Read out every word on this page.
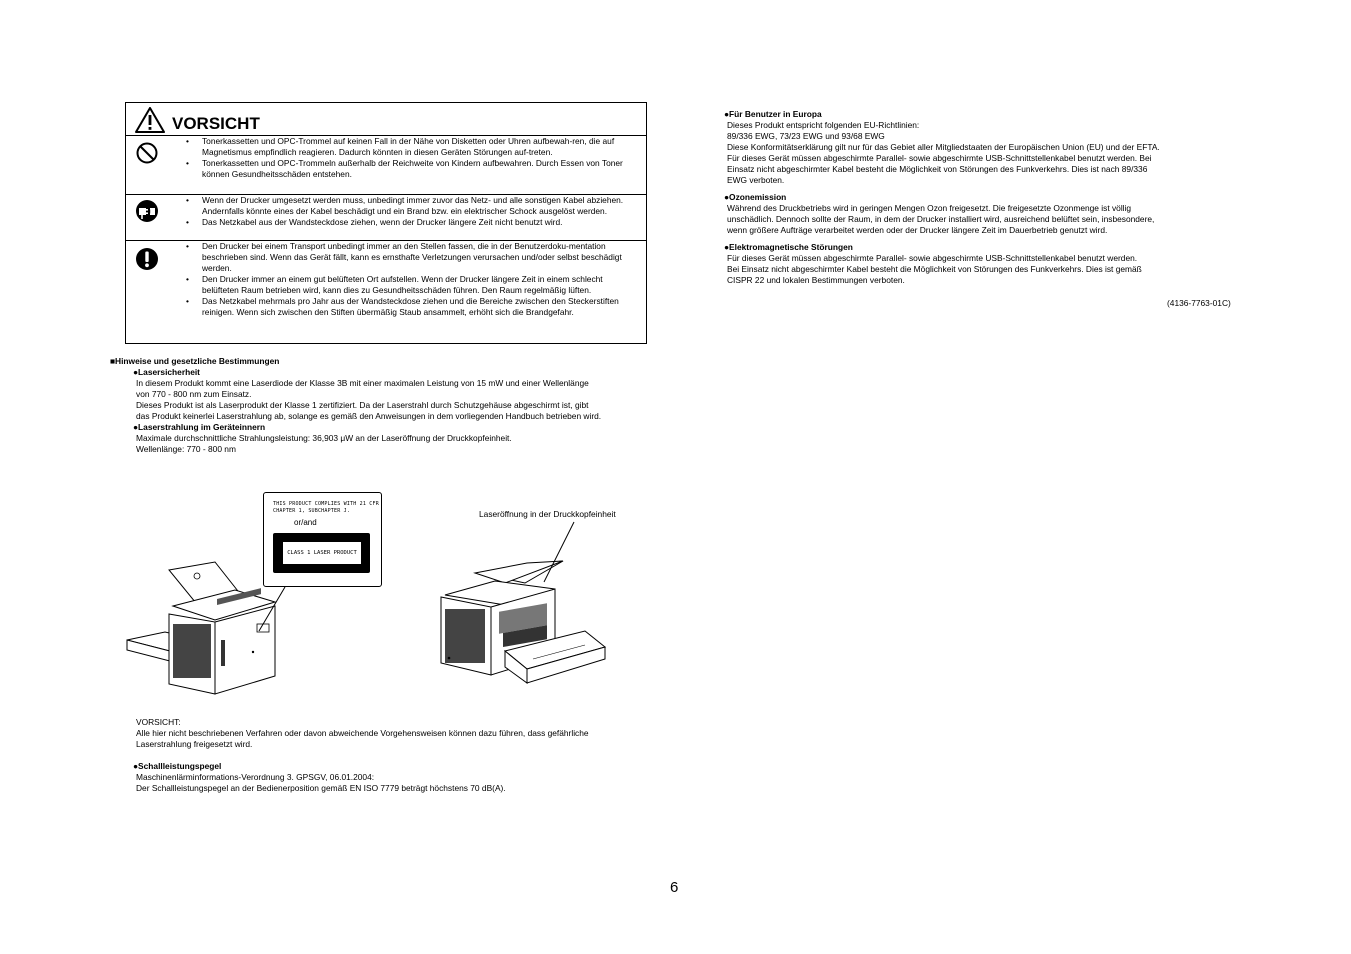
VORSICHT
• Tonerkassetten und OPC-Trommel auf keinen Fall in der Nähe von Disketten oder Uhren aufbewah-ren, die auf Magnetismus empfindlich reagieren. Dadurch könnten in diesen Geräten Störungen auf-treten.
• Tonerkassetten und OPC-Trommeln außerhalb der Reichweite von Kindern aufbewahren. Durch Essen von Toner können Gesundheitsschäden entstehen.
• Wenn der Drucker umgesetzt werden muss, unbedingt immer zuvor das Netz- und alle sonstigen Kabel abziehen. Andernfalls könnte eines der Kabel beschädigt und ein Brand bzw. ein elektrischer Schock ausgelöst werden.
• Das Netzkabel aus der Wandsteckdose ziehen, wenn der Drucker längere Zeit nicht benutzt wird.
• Den Drucker bei einem Transport unbedingt immer an den Stellen fassen, die in der Benutzerdoku-mentation beschrieben sind. Wenn das Gerät fällt, kann es ernsthafte Verletzungen verursachen und/oder selbst beschädigt werden.
• Den Drucker immer an einem gut belüfteten Ort aufstellen. Wenn der Drucker längere Zeit in einem schlecht belüfteten Raum betrieben wird, kann dies zu Gesundheitsschäden führen. Den Raum regelmäßig lüften.
• Das Netzkabel mehrmals pro Jahr aus der Wandsteckdose ziehen und die Bereiche zwischen den Steckerstiften reinigen. Wenn sich zwischen den Stiften übermäßig Staub ansammelt, erhöht sich die Brandgefahr.

■Hinweise und gesetzliche Bestimmungen

●Lasersicherheit

In diesem Produkt kommt eine Laserdiode der Klasse 3B mit einer maximalen Leistung von 15 mW und einer Wellenlänge

von 770 - 800 nm zum Einsatz.

Dieses Produkt ist als Laserprodukt der Klasse 1 zertifiziert. Da der Laserstrahl durch Schutzgehäuse abgeschirmt ist, gibt

das Produkt keinerlei Laserstrahlung ab, solange es gemäß den Anweisungen in dem vorliegenden Handbuch betrieben wird.

●Laserstrahlung im Geräteinnern

Maximale durchschnittliche Strahlungsleistung: 36,903 μW an der Laseröffnung der Druckkopfeinheit.

Wellenlänge: 770 - 800 nm

THIS PRODUCT COMPLIES WITH 21 CFR
CHAPTER 1, SUBCHAPTER J.
or/and
CLASS 1 LASER PRODUCT
Laseröffnung in der Druckkopfeinheit

VORSICHT:

Alle hier nicht beschriebenen Verfahren oder davon abweichende Vorgehensweisen können dazu führen, dass gefährliche

Laserstrahlung freigesetzt wird.

●Schallleistungspegel

Maschinenlärminformations-Verordnung 3. GPSGV, 06.01.2004:

Der Schallleistungspegel an der Bedienerposition gemäß EN ISO 7779 beträgt höchstens 70 dB(A).

●Für Benutzer in Europa

Dieses Produkt entspricht folgenden EU-Richtlinien:

89/336 EWG, 73/23 EWG und 93/68 EWG

Diese Konformitätserklärung gilt nur für das Gebiet aller Mitgliedstaaten der Europäischen Union (EU) und der EFTA.

Für dieses Gerät müssen abgeschirmte Parallel- sowie abgeschirmte USB-Schnittstellenkabel benutzt werden. Bei

Einsatz nicht abgeschirmter Kabel besteht die Möglichkeit von Störungen des Funkverkehrs. Dies ist nach 89/336

EWG verboten.

●Ozonemission

Während des Druckbetriebs wird in geringen Mengen Ozon freigesetzt. Die freigesetzte Ozonmenge ist völlig

unschädlich. Dennoch sollte der Raum, in dem der Drucker installiert wird, ausreichend belüftet sein, insbesondere,

wenn größere Aufträge verarbeitet werden oder der Drucker längere Zeit im Dauerbetrieb genutzt wird.

●Elektromagnetische Störungen

Für dieses Gerät müssen abgeschirmte Parallel- sowie abgeschirmte USB-Schnittstellenkabel benutzt werden.

Bei Einsatz nicht abgeschirmter Kabel besteht die Möglichkeit von Störungen des Funkverkehrs. Dies ist gemäß

CISPR 22 und lokalen Bestimmungen verboten.

(4136-7763-01C)
6
